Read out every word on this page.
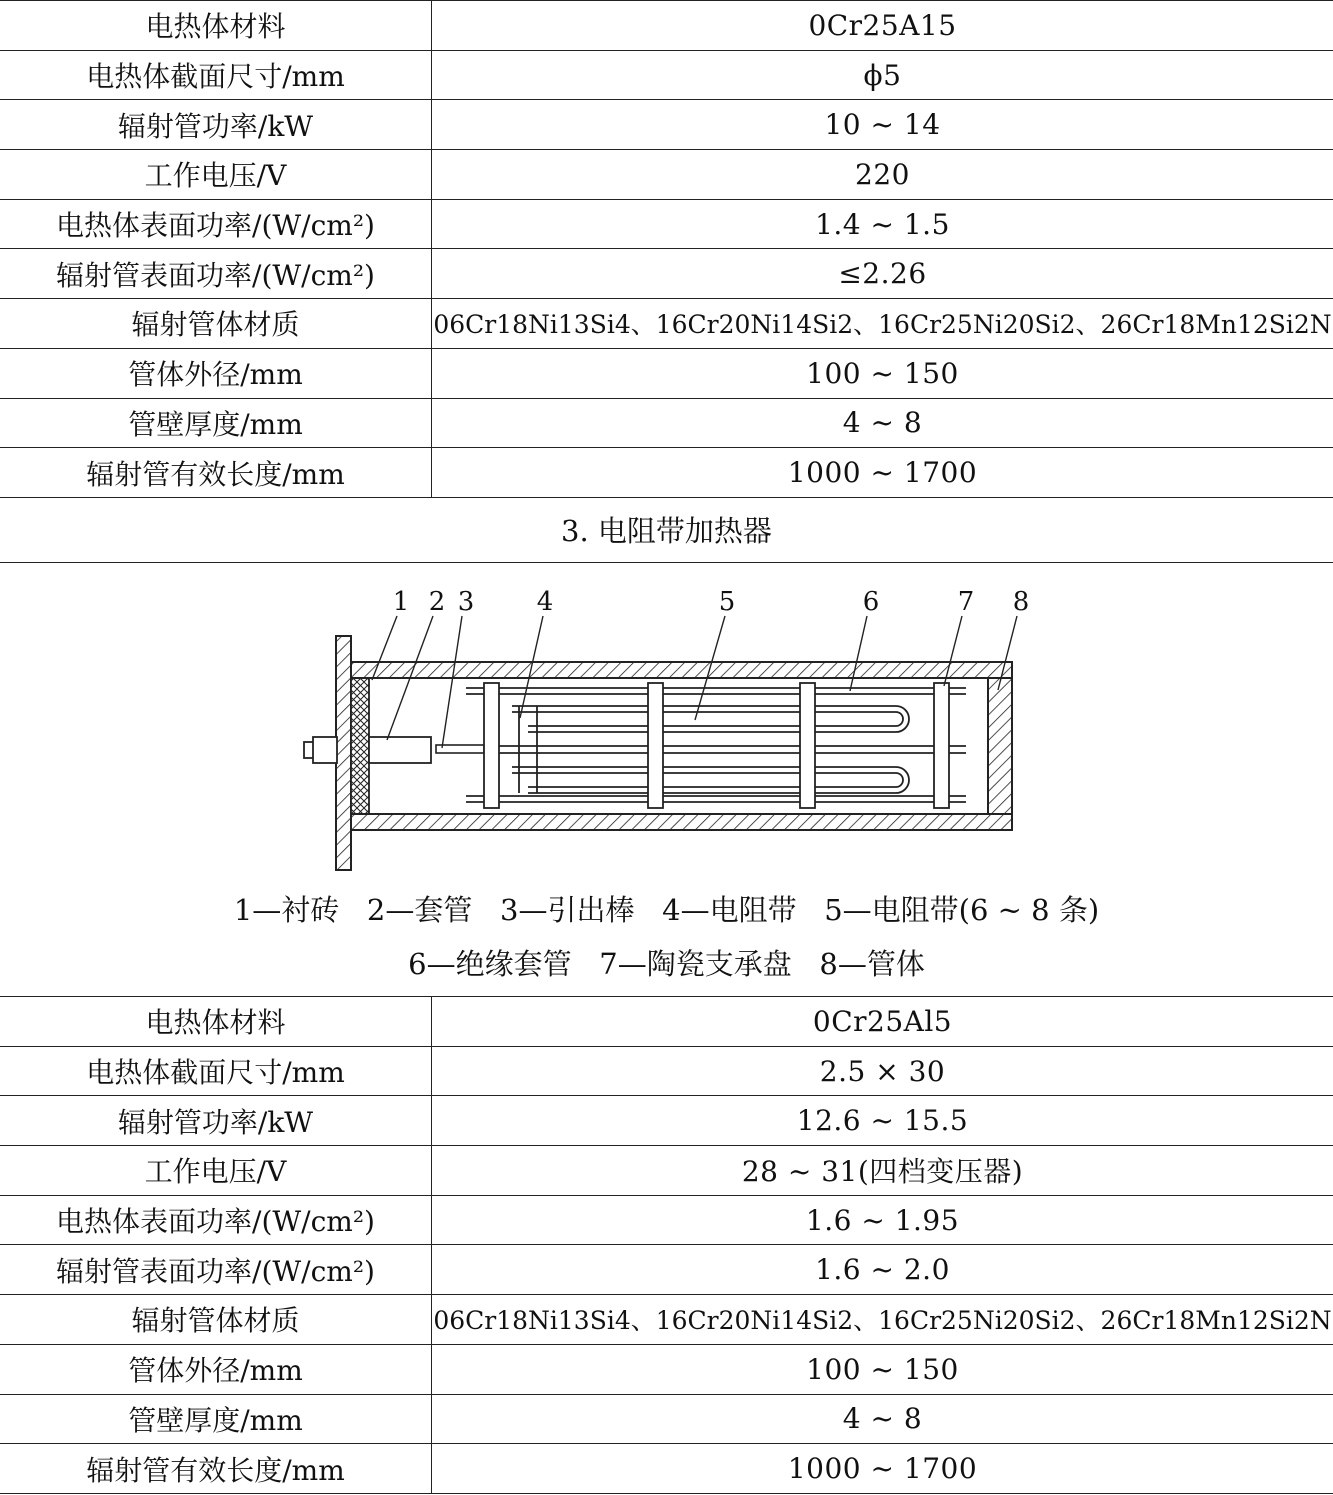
电热体材料	0Cr25A15
电热体截面尺寸/mm	ϕ5
辐射管功率/kW	10 ~ 14
工作电压/V	220
电热体表面功率/(W/cm²)	1.4 ~ 1.5
辐射管表面功率/(W/cm²)	≤2.26
辐射管体材质	06Cr18Ni13Si4、16Cr20Ni14Si2、16Cr25Ni20Si2、26Cr18Mn12Si2N
管体外径/mm	100 ~ 150
管壁厚度/mm	4 ~ 8
辐射管有效长度/mm	1000 ~ 1700
3. 电阻带加热器
1 2 3 4	5	6	7 8
1—衬砖   2—套管   3—引出棒   4—电阻带   5—电阻带(6 ~ 8 条)
6—绝缘套管   7—陶瓷支承盘   8—管体
电热体材料	0Cr25Al5
电热体截面尺寸/mm	2.5 × 30
辐射管功率/kW	12.6 ~ 15.5
工作电压/V	28 ~ 31(四档变压器)
电热体表面功率/(W/cm²)	1.6 ~ 1.95
辐射管表面功率/(W/cm²)	1.6 ~ 2.0
辐射管体材质	06Cr18Ni13Si4、16Cr20Ni14Si2、16Cr25Ni20Si2、26Cr18Mn12Si2N
管体外径/mm	100 ~ 150
管壁厚度/mm	4 ~ 8
辐射管有效长度/mm	1000 ~ 1700
